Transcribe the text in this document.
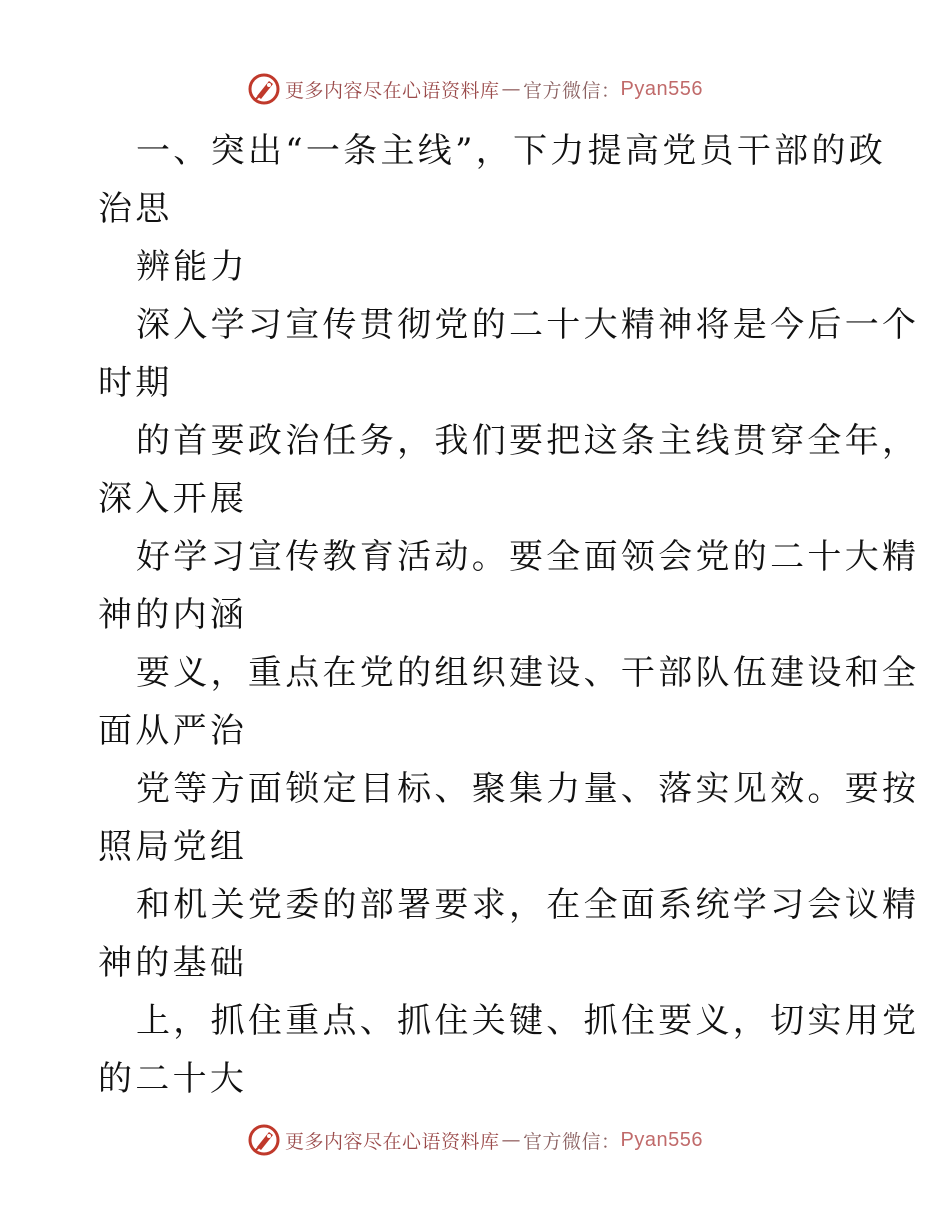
更多内容尽在心语资料库 — 官方微信： Pyan556
一、突出“一条主线”，下力提高党员干部的政
治思
辨能力
深入学习宣传贯彻党的二十大精神将是今后一个
时期
的首要政治任务，我们要把这条主线贯穿全年，
深入开展
好学习宣传教育活动。要全面领会党的二十大精
神的内涵
要义，重点在党的组织建设、干部队伍建设和全
面从严治
党等方面锁定目标、聚集力量、落实见效。要按
照局党组
和机关党委的部署要求，在全面系统学习会议精
神的基础
上，抓住重点、抓住关键、抓住要义，切实用党
的二十大
更多内容尽在心语资料库 — 官方微信： Pyan556
